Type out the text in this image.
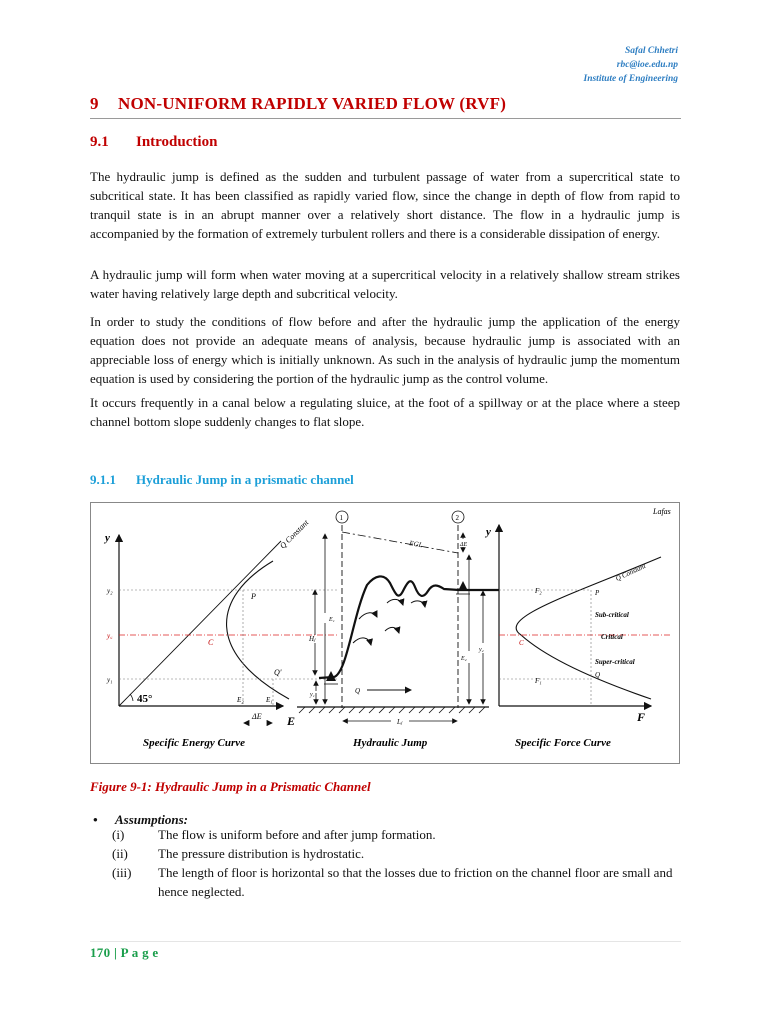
Safal Chhetri
rbc@ioe.edu.np
Institute of Engineering
9 NON-UNIFORM RAPIDLY VARIED FLOW (RVF)
9.1 Introduction

The hydraulic jump is defined as the sudden and turbulent passage of water from a supercritical state to subcritical state. It has been classified as rapidly varied flow, since the change in depth of flow from rapid to tranquil state is in an abrupt manner over a relatively short distance. The flow in a hydraulic jump is accompanied by the formation of extremely turbulent rollers and there is a considerable dissipation of energy.

A hydraulic jump will form when water moving at a supercritical velocity in a relatively shallow stream strikes water having relatively large depth and subcritical velocity.

In order to study the conditions of flow before and after the hydraulic jump the application of the energy equation does not provide an adequate means of analysis, because hydraulic jump is associated with an appreciable loss of energy which is initially unknown. As such in the analysis of hydraulic jump the momentum equation is used by considering the portion of the hydraulic jump as the control volume.

It occurs frequently in a canal below a regulating sluice, at the foot of a spillway or at the place where a steep channel bottom slope suddenly changes to flat slope.

9.1.1 Hydraulic Jump in a prismatic channel
Lafas
y
E
45°
Q Constant
y₂
y꜀
y₁
P
C
Q'
E₂	E₁
ΔE
Specific Energy Curve
1	2
EGL	ΔE
E₁
Hⱼ
E₂
y₂
y₁	Q
Lⱼ
Hydraulic Jump
y
F
Q Constant
F₂
F₁
P
C
Q
Sub-critical
Critical
Super-critical
Specific Force Curve
Figure 9-1: Hydraulic Jump in a Prismatic Channel
• Assumptions:
(i)	The flow is uniform before and after jump formation.
(ii) The pressure distribution is hydrostatic.
(iii) The length of floor is horizontal so that the losses due to friction on the channel floor are small and hence neglected.
170 | P a g e
